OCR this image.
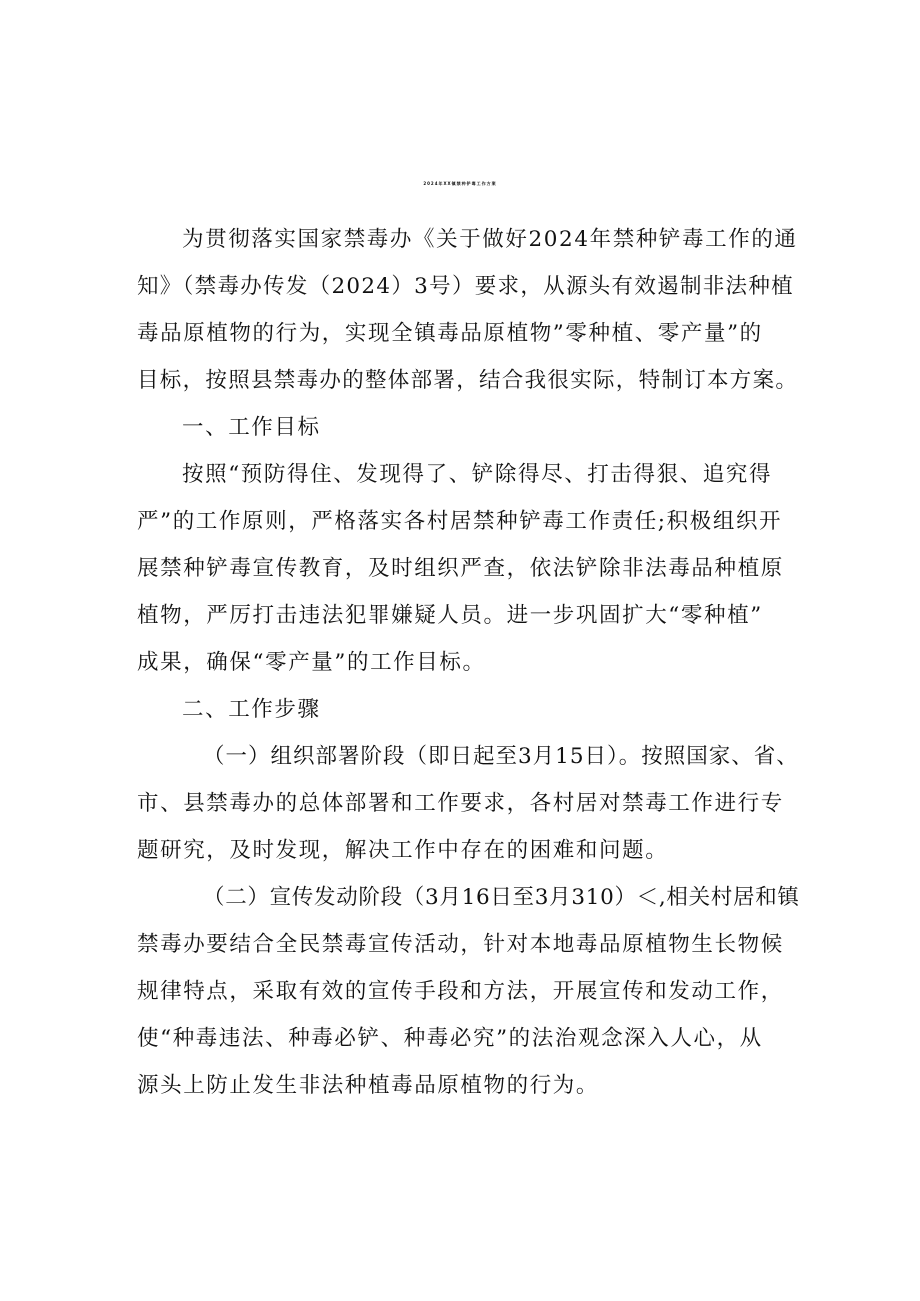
2024年XX镇禁种铲毒工作方案
为贯彻落实国家禁毒办《关于做好2024年禁种铲毒工作的通
知》（禁毒办传发（2024）3号）要求，从源头有效遏制非法种植
毒品原植物的行为，实现全镇毒品原植物”零种植、零产量”的
目标，按照县禁毒办的整体部署，结合我很实际，特制订本方案。
一、工作目标
按照“预防得住、发现得了、铲除得尽、打击得狠、追究得
严”的工作原则，严格落实各村居禁种铲毒工作责任;积极组织开
展禁种铲毒宣传教育，及时组织严查，依法铲除非法毒品种植原
植物，严厉打击违法犯罪嫌疑人员。进一步巩固扩大“零种植”
成果，确保“零产量”的工作目标。
二、工作步骤
（一）组织部署阶段（即日起至3月15日）。按照国家、省、
市、县禁毒办的总体部署和工作要求，各村居对禁毒工作进行专
题研究，及时发现，解决工作中存在的困难和问题。
（二）宣传发动阶段（3月16日至3月310）＜,相关村居和镇
禁毒办要结合全民禁毒宣传活动，针对本地毒品原植物生长物候
规律特点，采取有效的宣传手段和方法，开展宣传和发动工作，
使“种毒违法、种毒必铲、种毒必究”的法治观念深入人心，从
源头上防止发生非法种植毒品原植物的行为。
